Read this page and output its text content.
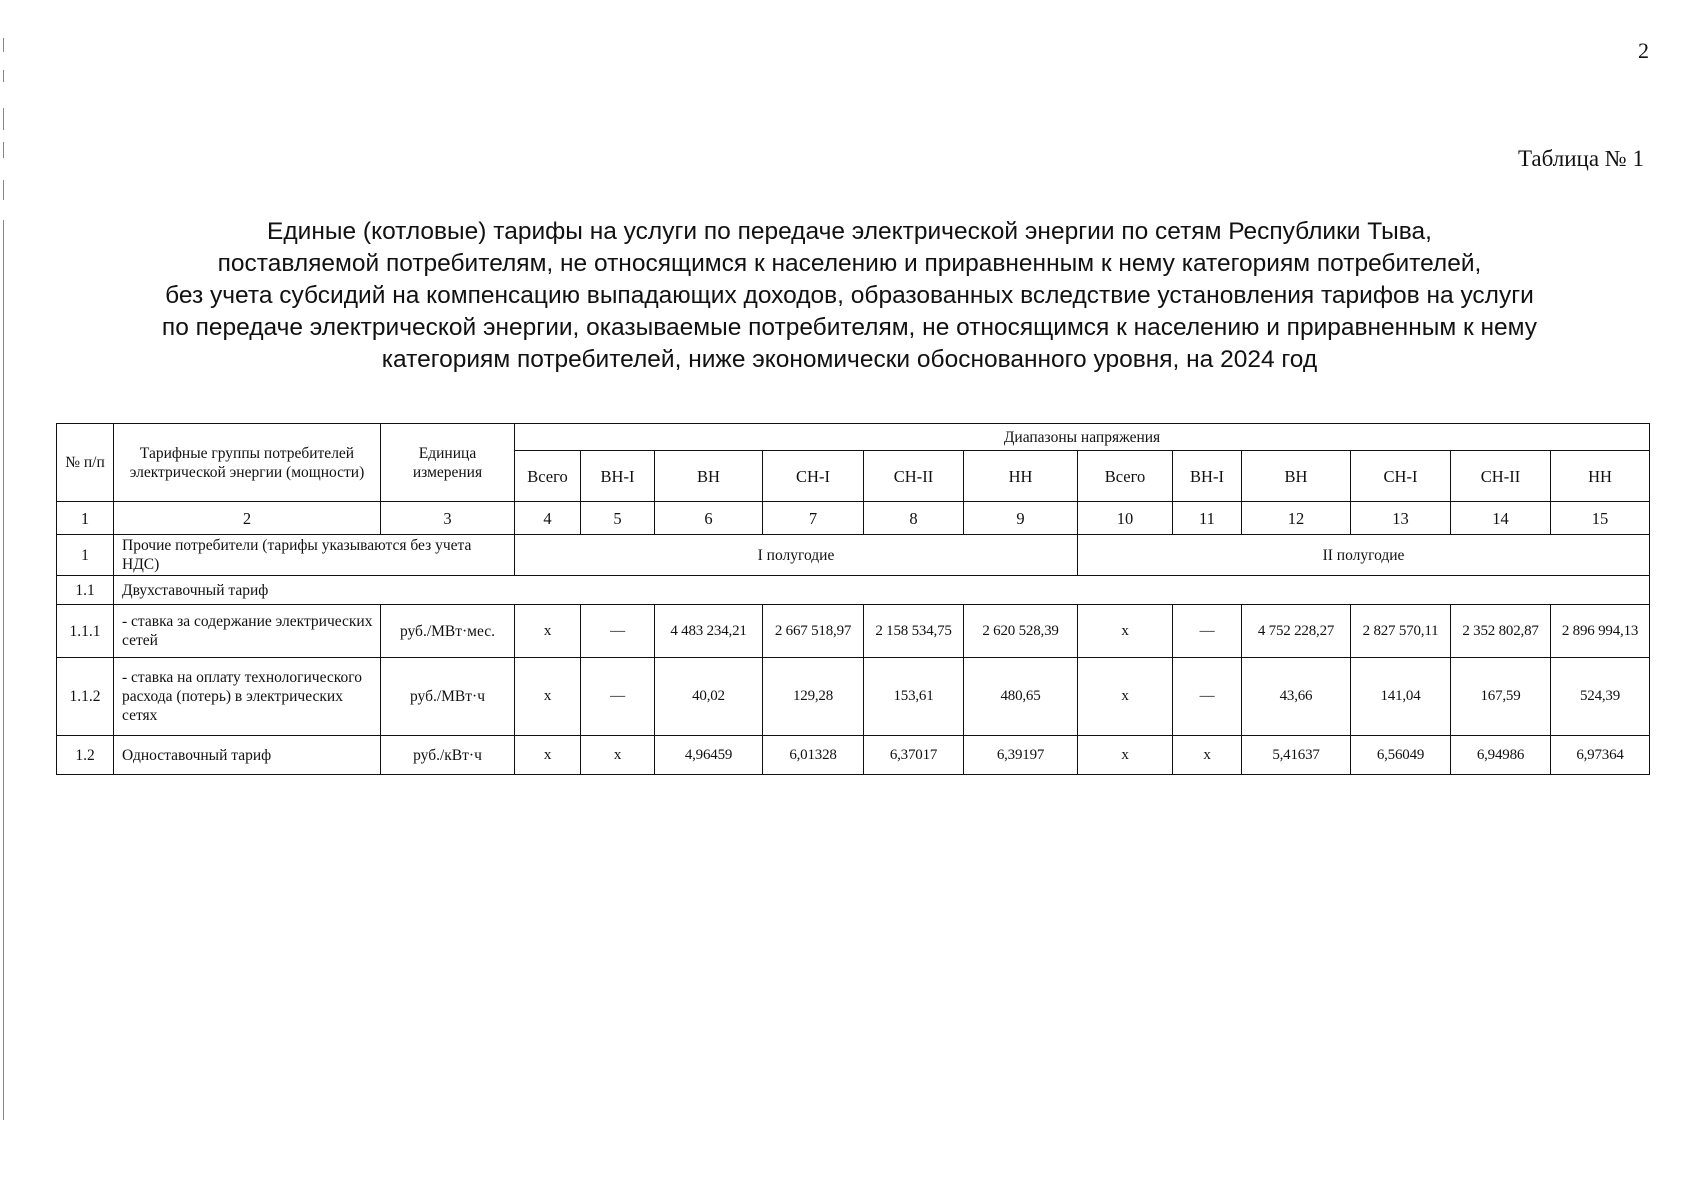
2
Таблица № 1
Единые (котловые) тарифы на услуги по передаче электрической энергии по сетям Республики Тыва,
поставляемой потребителям, не относящимся к населению и приравненным к нему категориям потребителей,
без учета субсидий на компенсацию выпадающих доходов, образованных вследствие установления тарифов на услуги
по передаче электрической энергии, оказываемые потребителям, не относящимся к населению и приравненным к нему
категориям потребителей, ниже экономически обоснованного уровня, на 2024 год
№ п/п	Тарифные группы потребителей электрической энергии (мощности)	Единица измерения	Диапазоны напряжения											
			Всего	ВН-I	ВН	СН-I	СН-II	НН	Всего	ВН-I	ВН	СН-I	СН-II	НН
1	2	3	4	5	6	7	8	9	10	11	12	13	14	15
1	Прочие потребители (тарифы указываются без учета НДС)		I полугодие						II полугодие					
1.1	Двухставочный тариф													
1.1.1	- ставка за содержание электрических сетей	руб./МВт·мес.	х	—	4 483 234,21	2 667 518,97	2 158 534,75	2 620 528,39	х	—	4 752 228,27	2 827 570,11	2 352 802,87	2 896 994,13
1.1.2	- ставка на оплату технологического расхода (потерь) в электрических сетях	руб./МВт·ч	х	—	40,02	129,28	153,61	480,65	х	—	43,66	141,04	167,59	524,39
1.2	Одноставочный тариф	руб./кВт·ч	х	х	4,96459	6,01328	6,37017	6,39197	х	х	5,41637	6,56049	6,94986	6,97364
